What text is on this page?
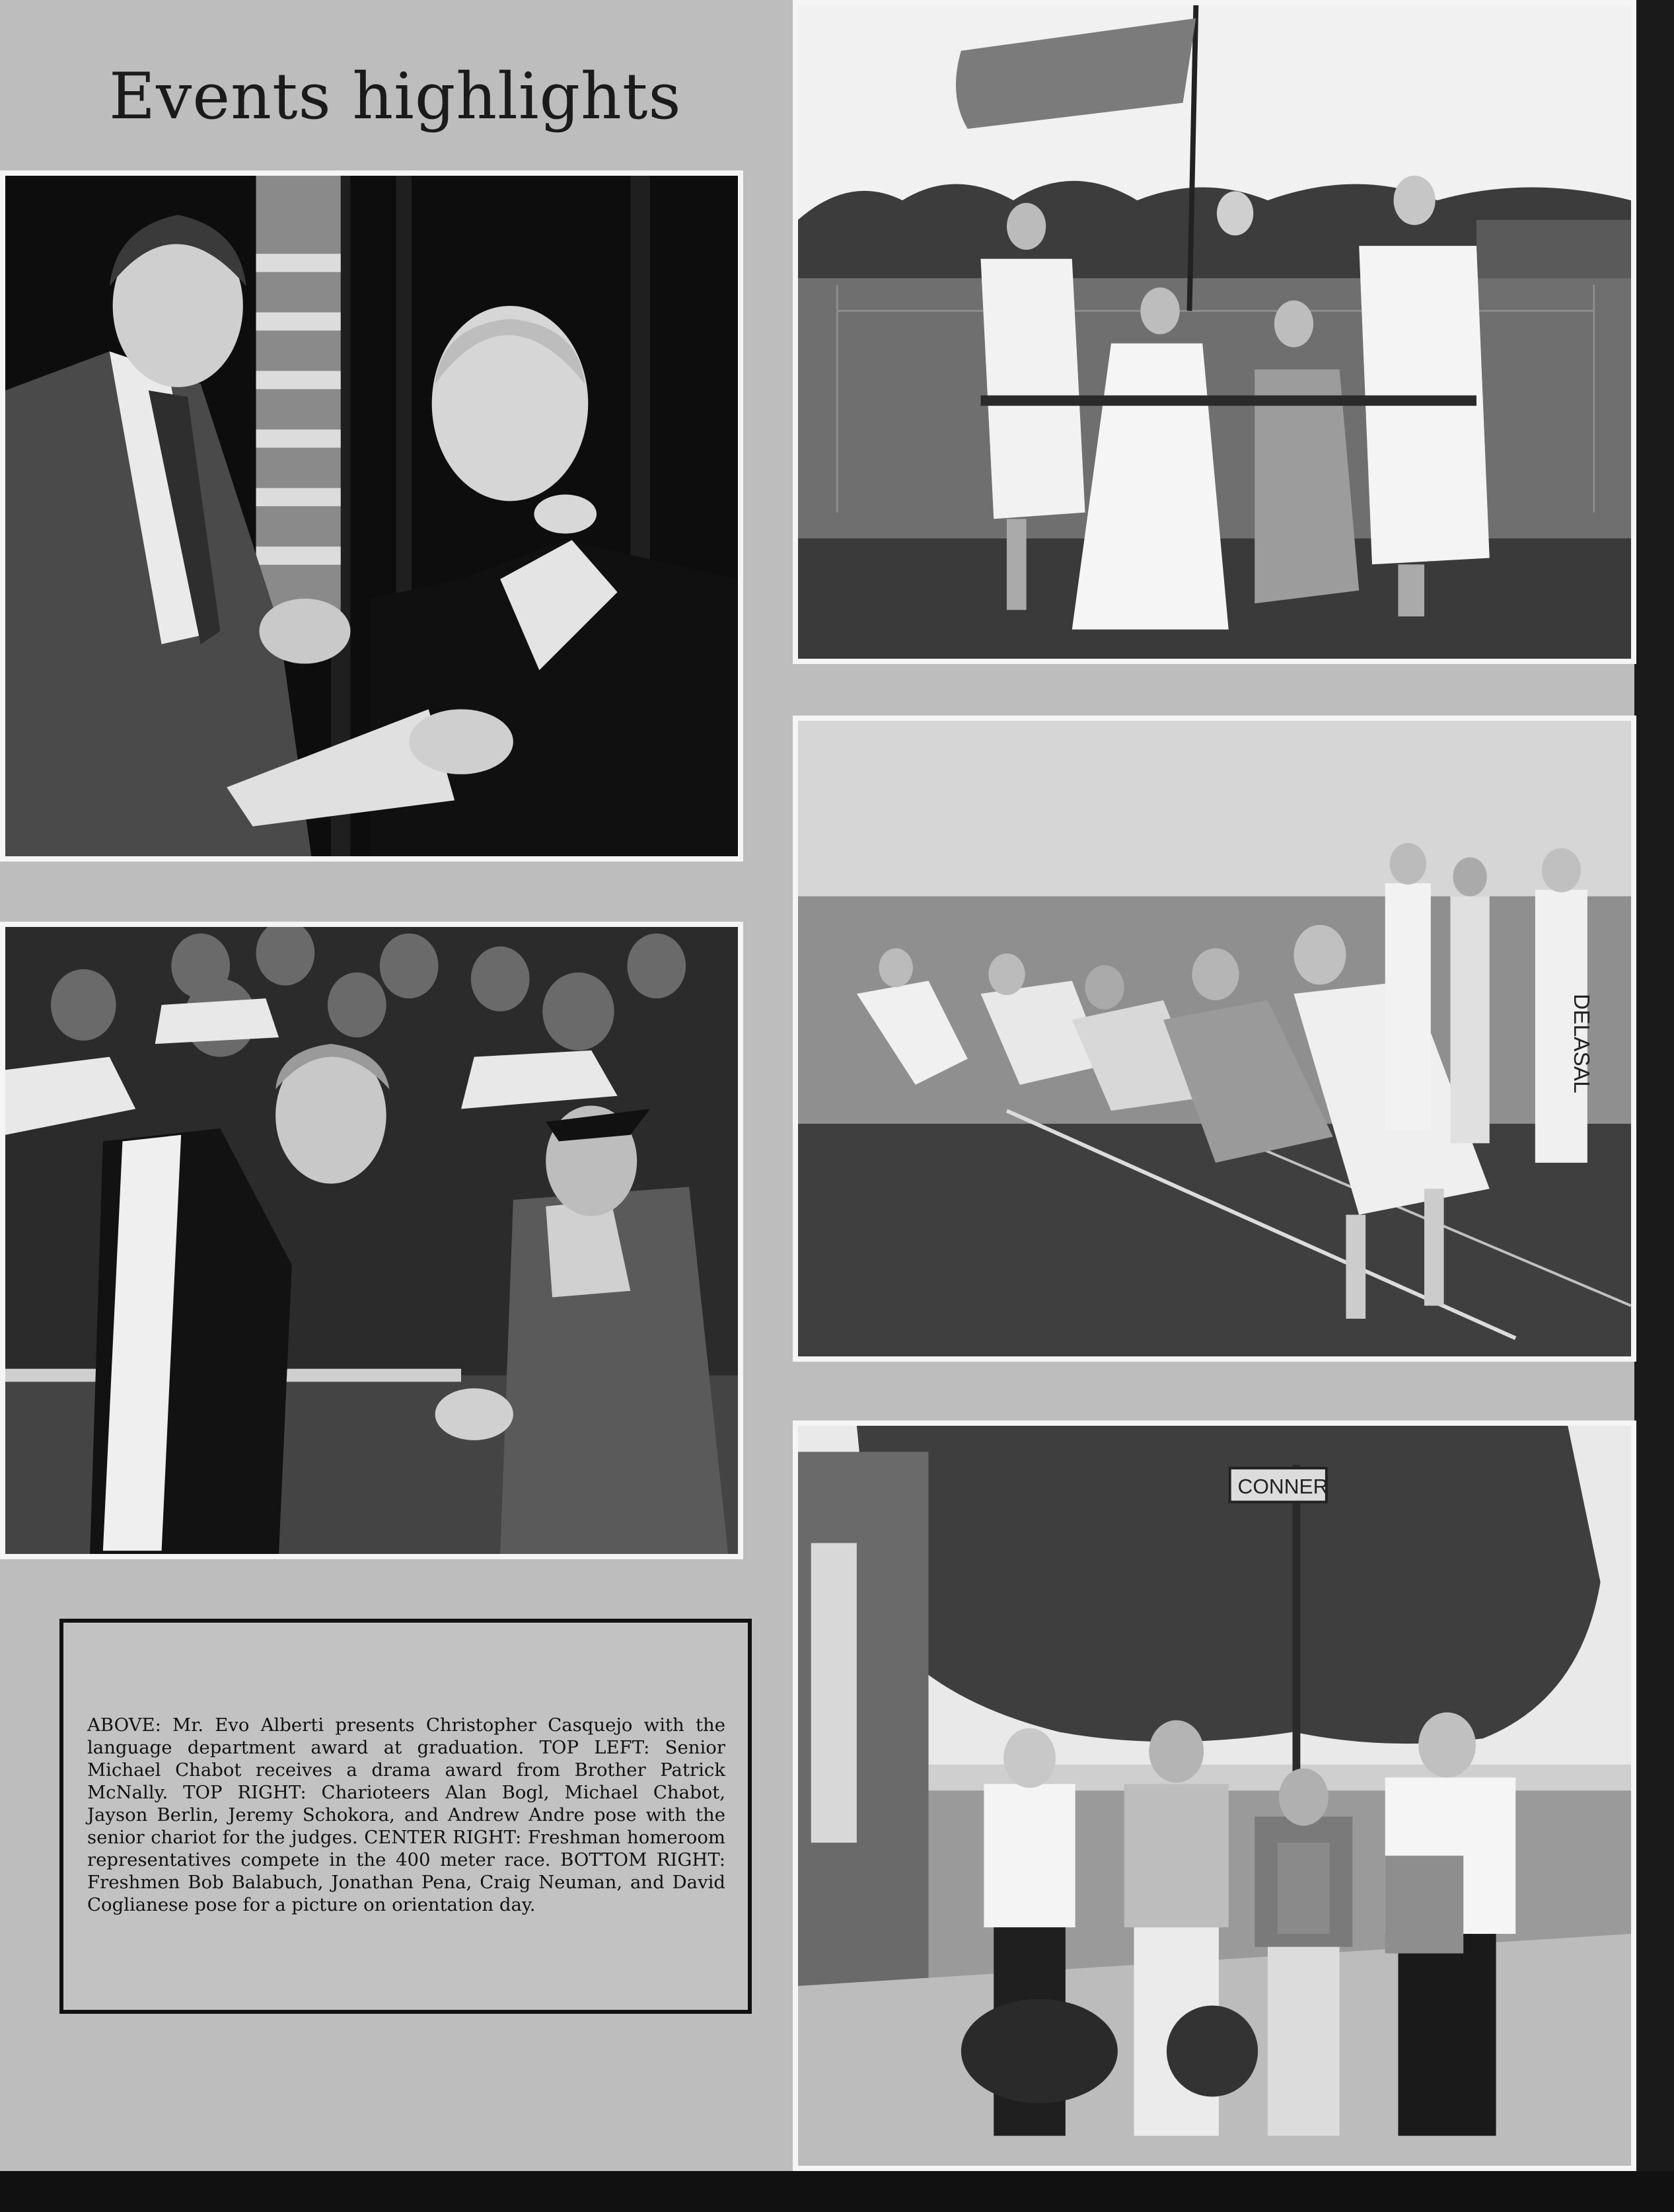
Events highlights
DELASAL
CONNER
ABOVE: Mr. Evo Alberti presents Christopher Casquejo with the language department award at graduation. TOP LEFT: Senior Michael Chabot receives a drama award from Brother Patrick McNally. TOP RIGHT: Charioteers Alan Bogl, Michael Chabot, Jayson Berlin, Jeremy Schokora, and Andrew Andre pose with the senior chariot for the judges. CENTER RIGHT: Freshman homeroom representatives compete in the 400 meter race. BOTTOM RIGHT: Freshmen Bob Balabuch, Jonathan Pena, Craig Neuman, and David Coglianese pose for a picture on orientation day.
